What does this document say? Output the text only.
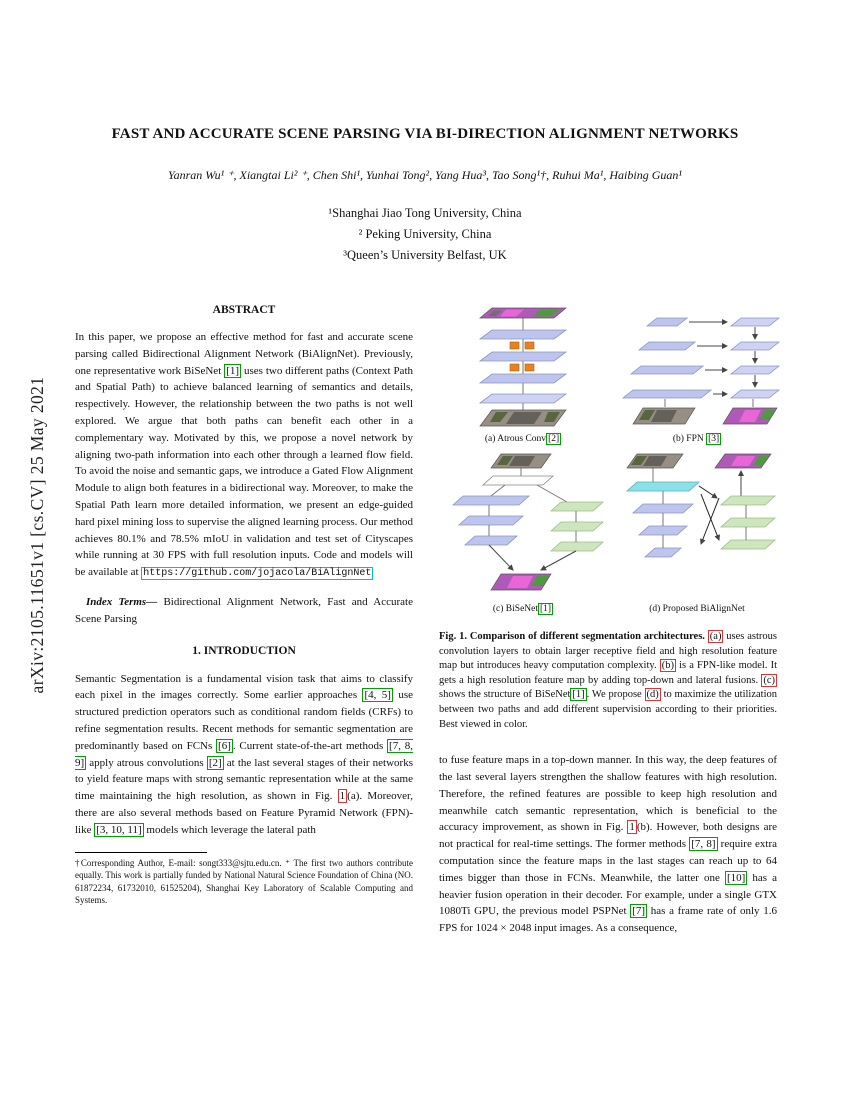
arXiv:2105.11651v1 [cs.CV] 25 May 2021
FAST AND ACCURATE SCENE PARSING VIA BI-DIRECTION ALIGNMENT NETWORKS
Yanran Wu¹ ⁺, Xiangtai Li² ⁺, Chen Shi¹, Yunhai Tong², Yang Hua³, Tao Song¹†, Ruhui Ma¹, Haibing Guan¹
¹Shanghai Jiao Tong University, China
² Peking University, China
³Queen’s University Belfast, UK
ABSTRACT

In this paper, we propose an effective method for fast and accurate scene parsing called Bidirectional Alignment Network (BiAlignNet). Previously, one representative work BiSeNet [1] uses two different paths (Context Path and Spatial Path) to achieve balanced learning of semantics and details, respectively. However, the relationship between the two paths is not well explored. We argue that both paths can benefit each other in a complementary way. Motivated by this, we propose a novel network by aligning two-path information into each other through a learned flow field. To avoid the noise and semantic gaps, we introduce a Gated Flow Alignment Module to align both features in a bidirectional way. Moreover, to make the Spatial Path learn more detailed information, we present an edge-guided hard pixel mining loss to supervise the aligned learning process. Our method achieves 80.1% and 78.5% mIoU in validation and test set of Cityscapes while running at 30 FPS with full resolution inputs. Code and models will be available at https://github.com/jojacola/BiAlignNet

Index Terms— Bidirectional Alignment Network, Fast and Accurate Scene Parsing

1. INTRODUCTION

Semantic Segmentation is a fundamental vision task that aims to classify each pixel in the images correctly. Some earlier approaches [4, 5] use structured prediction operators such as conditional random fields (CRFs) to refine segmentation results. Recent methods for semantic segmentation are predominantly based on FCNs [6] . Current state-of-the-art methods [7, 8, 9] apply atrous convolutions [2] at the last several stages of their networks to yield feature maps with strong semantic representation while at the same time maintaining the high resolution, as shown in Fig. 1 (a). Moreover, there are also several methods based on Feature Pyramid Network (FPN)-like [3, 10, 11] models which leverage the lateral path

†Corresponding Author, E-mail: songt333@sjtu.edu.cn. ⁺ The first two authors contribute equally. This work is partially funded by National Natural Science Foundation of China (NO. 61872234, 61732010, 61525204), Shanghai Key Laboratory of Scalable Computing and Systems.

(a) Atrous Conv [2]	(b) FPN [3]
(c) BiSeNet [1]	(d) Proposed BiAlignNet

Fig. 1. Comparison of different segmentation architectures. (a) uses astrous convolution layers to obtain larger receptive field and high resolution feature map but introduces heavy computation complexity. (b) is a FPN-like model. It gets a high resolution feature map by adding top-down and lateral fusions. (c) shows the structure of BiSeNet [1] . We propose (d) to maximize the utilization between two paths and add different supervision according to their priorities. Best viewed in color.

to fuse feature maps in a top-down manner. In this way, the deep features of the last several layers strengthen the shallow features with high resolution. Therefore, the refined features are possible to keep high resolution and meanwhile catch semantic representation, which is beneficial to the accuracy improvement, as shown in Fig. 1 (b). However, both designs are not practical for real-time settings. The former methods [7, 8] require extra computation since the feature maps in the last stages can reach up to 64 times bigger than those in FCNs. Meanwhile, the latter one [10] has a heavier fusion operation in their decoder. For example, under a single GTX 1080Ti GPU, the previous model PSPNet [7] has a frame rate of only 1.6 FPS for 1024 × 2048 input images. As a consequence,
